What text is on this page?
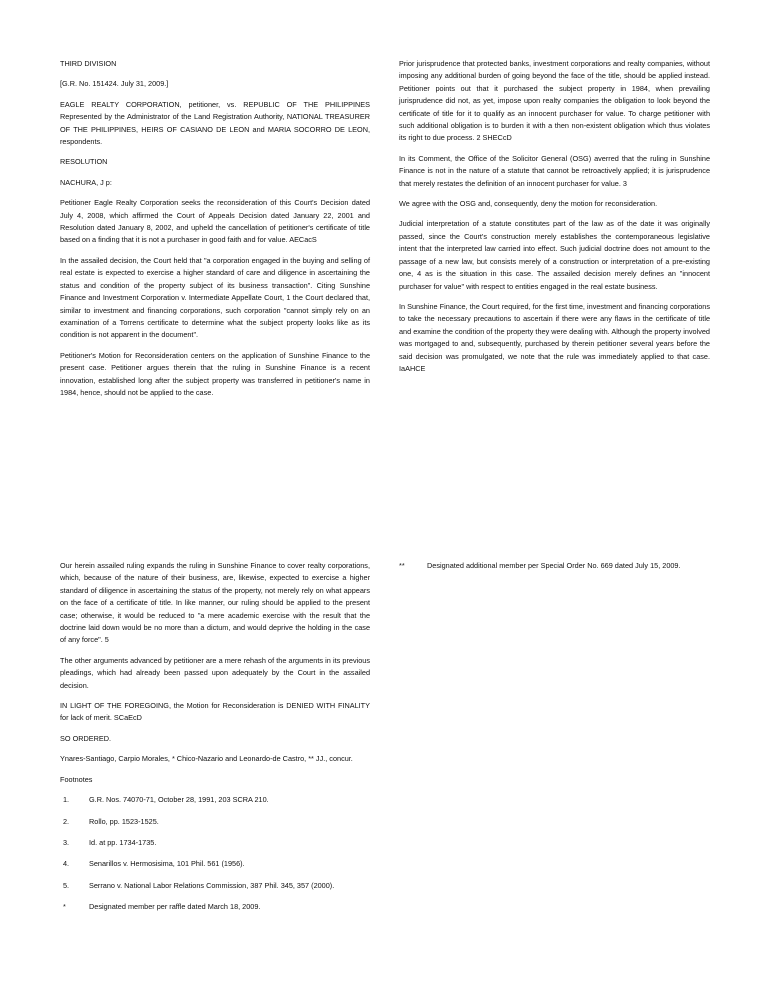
THIRD DIVISION

[G.R. No. 151424. July 31, 2009.]

EAGLE REALTY CORPORATION, petitioner, vs. REPUBLIC OF THE PHILIPPINES Represented by the Administrator of the Land Registration Authority, NATIONAL TREASURER OF THE PHILIPPINES, HEIRS OF CASIANO DE LEON and MARIA SOCORRO DE LEON, respondents.

RESOLUTION

NACHURA, J p:

Petitioner Eagle Realty Corporation seeks the reconsideration of this Court's Decision dated July 4, 2008, which affirmed the Court of Appeals Decision dated January 22, 2001 and Resolution dated January 8, 2002, and upheld the cancellation of petitioner's certificate of title based on a finding that it is not a purchaser in good faith and for value. AECacS

In the assailed decision, the Court held that "a corporation engaged in the buying and selling of real estate is expected to exercise a higher standard of care and diligence in ascertaining the status and condition of the property subject of its business transaction". Citing Sunshine Finance and Investment Corporation v. Intermediate Appellate Court, 1 the Court declared that, similar to investment and financing corporations, such corporation "cannot simply rely on an examination of a Torrens certificate to determine what the subject property looks like as its condition is not apparent in the document".

Petitioner's Motion for Reconsideration centers on the application of Sunshine Finance to the present case. Petitioner argues therein that the ruling in Sunshine Finance is a recent innovation, established long after the subject property was transferred in petitioner's name in 1984, hence, should not be applied to the case.

Prior jurisprudence that protected banks, investment corporations and realty companies, without imposing any additional burden of going beyond the face of the title, should be applied instead. Petitioner points out that it purchased the subject property in 1984, when prevailing jurisprudence did not, as yet, impose upon realty companies the obligation to look beyond the certificate of title for it to qualify as an innocent purchaser for value. To charge petitioner with such additional obligation is to burden it with a then non-existent obligation which thus violates its right to due process. 2 SHECcD

In its Comment, the Office of the Solicitor General (OSG) averred that the ruling in Sunshine Finance is not in the nature of a statute that cannot be retroactively applied; it is jurisprudence that merely restates the definition of an innocent purchaser for value. 3

We agree with the OSG and, consequently, deny the motion for reconsideration.

Judicial interpretation of a statute constitutes part of the law as of the date it was originally passed, since the Court's construction merely establishes the contemporaneous legislative intent that the interpreted law carried into effect. Such judicial doctrine does not amount to the passage of a new law, but consists merely of a construction or interpretation of a pre-existing one, 4 as is the situation in this case. The assailed decision merely defines an "innocent purchaser for value" with respect to entities engaged in the real estate business.

In Sunshine Finance, the Court required, for the first time, investment and financing corporations to take the necessary precautions to ascertain if there were any flaws in the certificate of title and examine the condition of the property they were dealing with. Although the property involved was mortgaged to and, subsequently, purchased by therein petitioner several years before the said decision was promulgated, we note that the rule was immediately applied to that case. IaAHCE

Our herein assailed ruling expands the ruling in Sunshine Finance to cover realty corporations, which, because of the nature of their business, are, likewise, expected to exercise a higher standard of diligence in ascertaining the status of the property, not merely rely on what appears on the face of a certificate of title. In like manner, our ruling should be applied to the present case; otherwise, it would be reduced to "a mere academic exercise with the result that the doctrine laid down would be no more than a dictum, and would deprive the holding in the case of any force". 5

The other arguments advanced by petitioner are a mere rehash of the arguments in its previous pleadings, which had already been passed upon adequately by the Court in the assailed decision.

IN LIGHT OF THE FOREGOING, the Motion for Reconsideration is DENIED WITH FINALITY for lack of merit. SCaEcD

SO ORDERED.

Ynares-Santiago, Carpio Morales, * Chico-Nazario and Leonardo-de Castro, ** JJ., concur.

Footnotes

1.	G.R. Nos. 74070-71, October 28, 1991, 203 SCRA 210.
2.	Rollo, pp. 1523-1525.
3.	Id. at pp. 1734-1735.
4.	Senarillos v. Hermosisima, 101 Phil. 561 (1956).
5.	Serrano v. National Labor Relations Commission, 387 Phil. 345, 357 (2000).
*	Designated member per raffle dated March 18, 2009.
**	Designated additional member per Special Order No. 669 dated July 15, 2009.
